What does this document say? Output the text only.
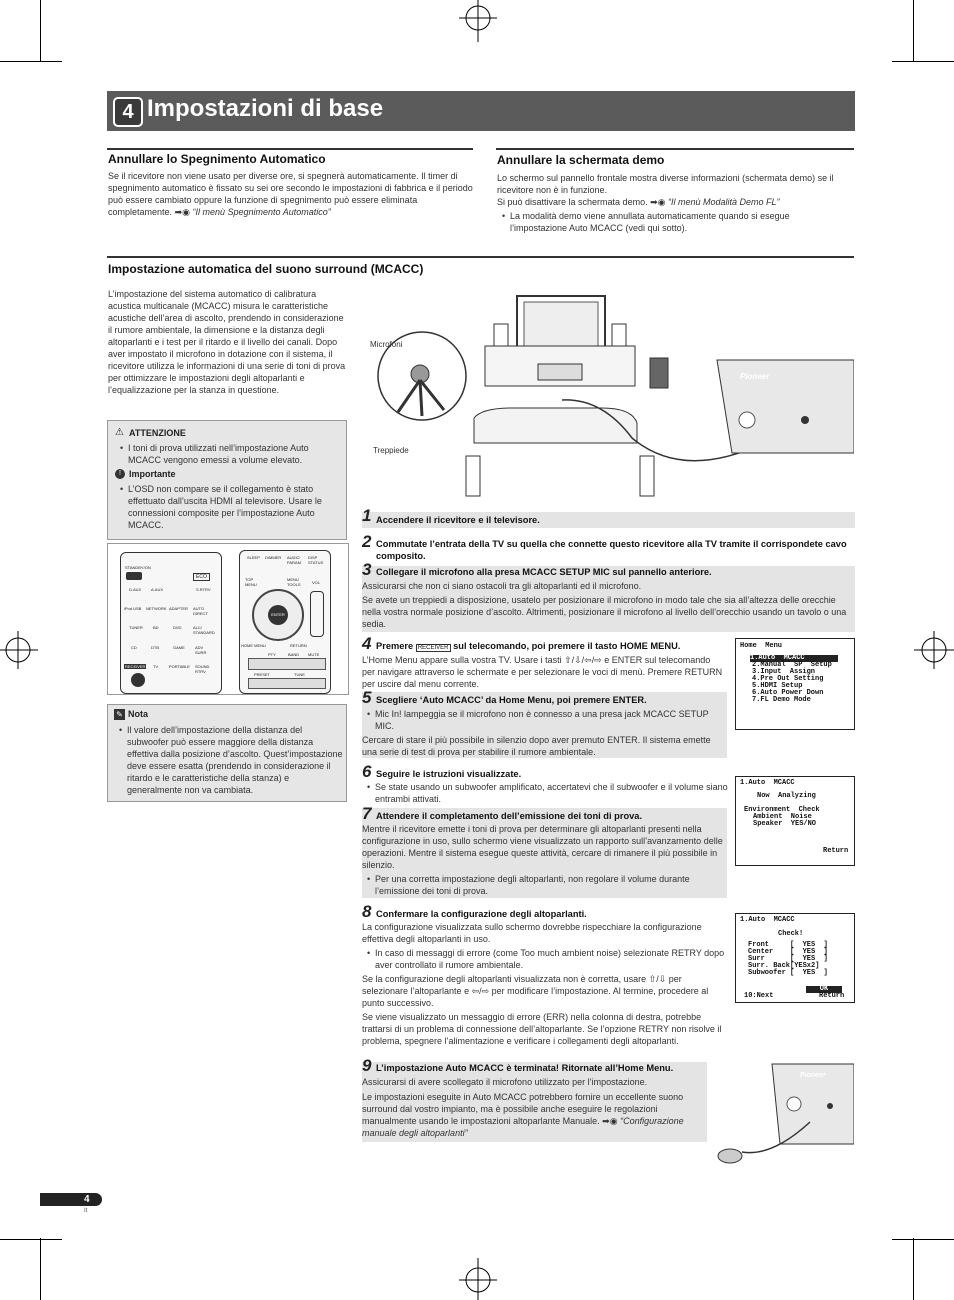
4 Impostazioni di base
Annullare lo Spegnimento Automatico
Se il ricevitore non viene usato per diverse ore, si spegnerà automaticamente. Il timer di spegnimento automatico è fissato su sei ore secondo le impostazioni di fabbrica e il periodo può essere cambiato oppure la funzione di spegnimento può essere eliminata completamente. ➡◉ “Il menù Spegnimento Automatico”
Annullare la schermata demo
Lo schermo sul pannello frontale mostra diverse informazioni (schermata demo) se il ricevitore non è in funzione.
Si può disattivare la schermata demo. ➡◉ “Il menù Modalità Demo FL”
• La modalità demo viene annullata automaticamente quando si esegue l’impostazione Auto MCACC (vedi qui sotto).
Impostazione automatica del suono surround (MCACC)
L’impostazione del sistema automatico di calibratura acustica multicanale (MCACC) misura le caratteristiche acustiche dell’area di ascolto, prendendo in considerazione il rumore ambientale, la dimensione e la distanza degli altoparlanti e i test per il ritardo e il livello dei canali. Dopo aver impostato il microfono in dotazione con il sistema, il ricevitore utilizza le informazioni di una serie di toni di prova per ottimizzare le impostazioni degli altoparlanti e l’equalizzazione per la stanza in questione.
⚠ ATTENZIONE
• I toni di prova utilizzati nell’impostazione Auto MCACC vengono emessi a volume elevato.
! Importante
• L’OSD non compare se il collegamento è stato effettuato dall’uscita HDMI al televisore. Usare le connessioni composite per l’impostazione Auto MCACC.
STANDBY/ON
ECO
D.AUX A.AUX	S.RTRV
iPod USB NETWORK ADAPTER AUTO DIRECT
TUNER	BD	DVD	ALC/ STANDARD
CD	DTB	GAME	ADV SURR
RECEIVER TV	PORTABLE SOUND RTRV
SLEEP DIMMER AUDIO PARAM
DISP STATUS
TOP MENU
MENU TOOLS	VOL
ENTER
HOME MENU	RETURN
PTY	BAND MUTE
PRESET	TUNE
✎ Nota
• Il valore dell’impostazione della distanza del subwoofer può essere maggiore della distanza effettiva dalla posizione d’ascolto. Quest’impostazione deve essere esatta (prendendo in considerazione il ritardo e le caratteristiche della stanza) e generalmente non va cambiata.
Microfoni
Treppiede
Pioneer
1 Accendere il ricevitore e il televisore.
2 Commutate l’entrata della TV su quella che connette questo ricevitore alla TV tramite il corrispondete cavo composito.
3 Collegare il microfono alla presa MCACC SETUP MIC sul pannello anteriore.
Assicurarsi che non ci siano ostacoli tra gli altoparlanti ed il microfono.
Se avete un treppiedi a disposizione, usatelo per posizionare il microfono in modo tale che sia all’altezza delle orecchie nella vostra normale posizione d’ascolto. Altrimenti, posizionare il microfono al livello dell’orecchio usando un tavolo o una sedia.
4 Premere RECEIVER sul telecomando, poi premere il tasto HOME MENU.
L’Home Menu appare sulla vostra TV. Usare i tasti ⇧/⇩/⇦/⇨ e ENTER sul telecomando per navigare attraverso le schermate e per selezionare le voci di menù. Premere RETURN per uscire dal menu corrente.
5 Scegliere ‘Auto MCACC’ da Home Menu, poi premere ENTER.
• Mic In! lampeggia se il microfono non è connesso a una presa jack MCACC SETUP MIC.
Cercare di stare il più possibile in silenzio dopo aver premuto ENTER. Il sistema emette una serie di test di prova per stabilire il rumore ambientale.
6 Seguire le istruzioni visualizzate.
• Se state usando un subwoofer amplificato, accertatevi che il subwoofer e il volume siano entrambi attivati.
7 Attendere il completamento dell’emissione dei toni di prova.
Mentre il ricevitore emette i toni di prova per determinare gli altoparlanti presenti nella configurazione in uso, sullo schermo viene visualizzato un rapporto sull’avanzamento delle operazioni. Mentre il sistema esegue queste attività, cercare di rimanere il più possibile in silenzio.
• Per una corretta impostazione degli altoparlanti, non regolare il volume durante l’emissione dei toni di prova.
8 Confermare la configurazione degli altoparlanti.
La configurazione visualizzata sullo schermo dovrebbe rispecchiare la configurazione effettiva degli altoparlanti in uso.
• In caso di messaggi di errore (come Too much ambient noise) selezionate RETRY dopo aver controllato il rumore ambientale.
Se la configurazione degli altoparlanti visualizzata non è corretta, usare ⇧/⇩ per selezionare l’altoparlante e ⇦/⇨ per modificare l’impostazione. Al termine, procedere al punto successivo.
Se viene visualizzato un messaggio di errore (ERR) nella colonna di destra, potrebbe trattarsi di un problema di connessione dell’altoparlante. Se l’opzione RETRY non risolve il problema, spegnere l’alimentazione e verificare i collegamenti degli altoparlanti.
9 L’impostazione Auto MCACC è terminata! Ritornate all’Home Menu.
Assicurarsi di avere scollegato il microfono utilizzato per l’impostazione.
Le impostazioni eseguite in Auto MCACC potrebbero fornire un eccellente suono surround dal vostro impianto, ma è possibile anche eseguire le regolazioni manualmente usando le impostazioni altoparlante Manuale. ➡◉ “Configurazione manuale degli altoparlanti”
Home  Menu
1.Auto  MCACC
2.Manual  SP  Setup
3.Input  Assign
4.Pre Out Setting
5.HDMI Setup
6.Auto Power Down
7.FL Demo Mode
1.Auto  MCACC
Now  Analyzing
Environment  Check
Ambient  Noise
Speaker  YES/NO
Return
1.Auto  MCACC
Check!
Front	[  YES  ]
Center [  YES  ]
Surr	[  YES  ]
Surr. Back [YESx2]
Subwoofer [  YES  ]
OK
10:Next	Return
Pioneer
4
It
